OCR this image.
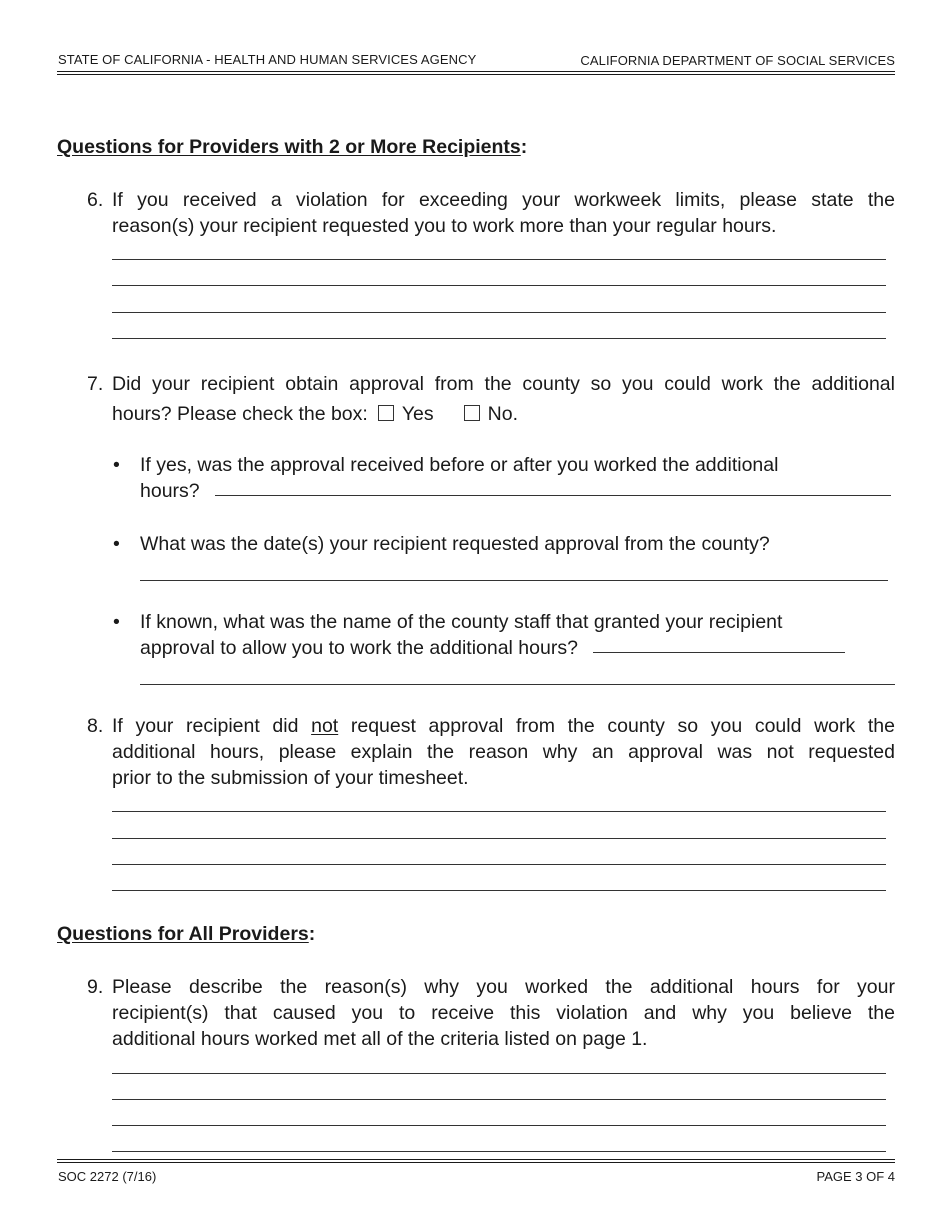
STATE OF CALIFORNIA - HEALTH AND HUMAN SERVICES AGENCY	CALIFORNIA DEPARTMENT OF SOCIAL SERVICES
Questions for Providers with 2 or More Recipients:
6. If you received a violation for exceeding your workweek limits, please state the
reason(s) your recipient requested you to work more than your regular hours.
7. Did your recipient obtain approval from the county so you could work the additional
hours? Please check the box: Yes	No.
• If yes, was the approval received before or after you worked the additional
hours?
• What was the date(s) your recipient requested approval from the county?
• If known, what was the name of the county staff that granted your recipient
approval to allow you to work the additional hours?
8. If your recipient did not request approval from the county so you could work the
additional hours, please explain the reason why an approval was not requested
prior to the submission of your timesheet.
Questions for All Providers:
9. Please describe the reason(s) why you worked the additional hours for your
recipient(s) that caused you to receive this violation and why you believe the
additional hours worked met all of the criteria listed on page 1.
SOC 2272 (7/16)	PAGE 3 OF 4
